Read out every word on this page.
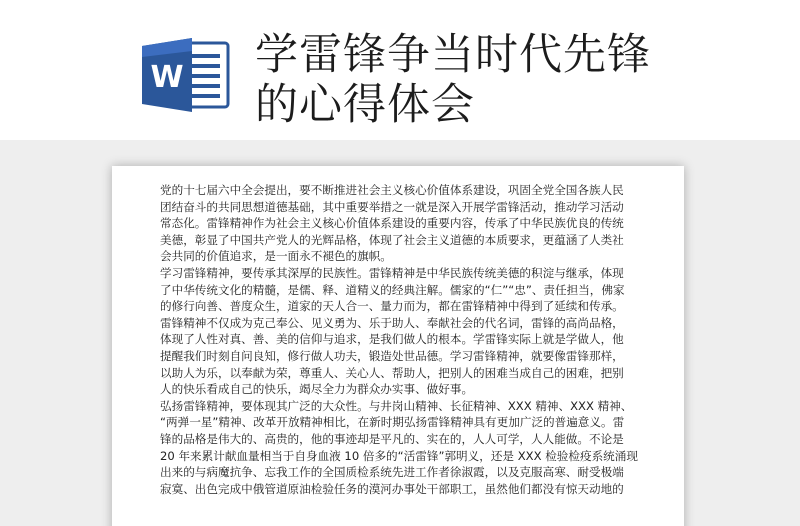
W 学雷锋争当时代先锋
的心得体会
党的十七届六中全会提出，要不断推进社会主义核心价值体系建设，巩固全党全国各族人民
团结奋斗的共同思想道德基础，其中重要举措之一就是深入开展学雷锋活动，推动学习活动
常态化。雷锋精神作为社会主义核心价值体系建设的重要内容，传承了中华民族优良的传统
美德，彰显了中国共产党人的光辉品格，体现了社会主义道德的本质要求，更蕴涵了人类社
会共同的价值追求，是一面永不褪色的旗帜。
学习雷锋精神，要传承其深厚的民族性。雷锋精神是中华民族传统美德的积淀与继承，体现
了中华传统文化的精髓，是儒、释、道精义的经典注解。儒家的“仁”“忠”、责任担当，佛家
的修行向善、普度众生，道家的天人合一、量力而为，都在雷锋精神中得到了延续和传承。
雷锋精神不仅成为克己奉公、见义勇为、乐于助人、奉献社会的代名词，雷锋的高尚品格，
体现了人性对真、善、美的信仰与追求，是我们做人的根本。学雷锋实际上就是学做人，他
提醒我们时刻自问良知，修行做人功夫，锻造处世品德。学习雷锋精神，就要像雷锋那样，
以助人为乐，以奉献为荣，尊重人、关心人、帮助人，把别人的困难当成自己的困难，把别
人的快乐看成自己的快乐，竭尽全力为群众办实事、做好事。
弘扬雷锋精神，要体现其广泛的大众性。与井岗山精神、长征精神、XXX 精神、XXX 精神、
“两弹一星”精神、改革开放精神相比，在新时期弘扬雷锋精神具有更加广泛的普遍意义。雷
锋的品格是伟大的、高贵的，他的事迹却是平凡的、实在的，人人可学，人人能做。不论是
20 年来累计献血量相当于自身血液 10 倍多的“活雷锋”郭明义，还是 XXX 检验检疫系统涌现
出来的与病魔抗争、忘我工作的全国质检系统先进工作者徐淑霞，以及克服高寒、耐受极端
寂寞、出色完成中俄管道原油检验任务的漠河办事处干部职工，虽然他们都没有惊天动地的
